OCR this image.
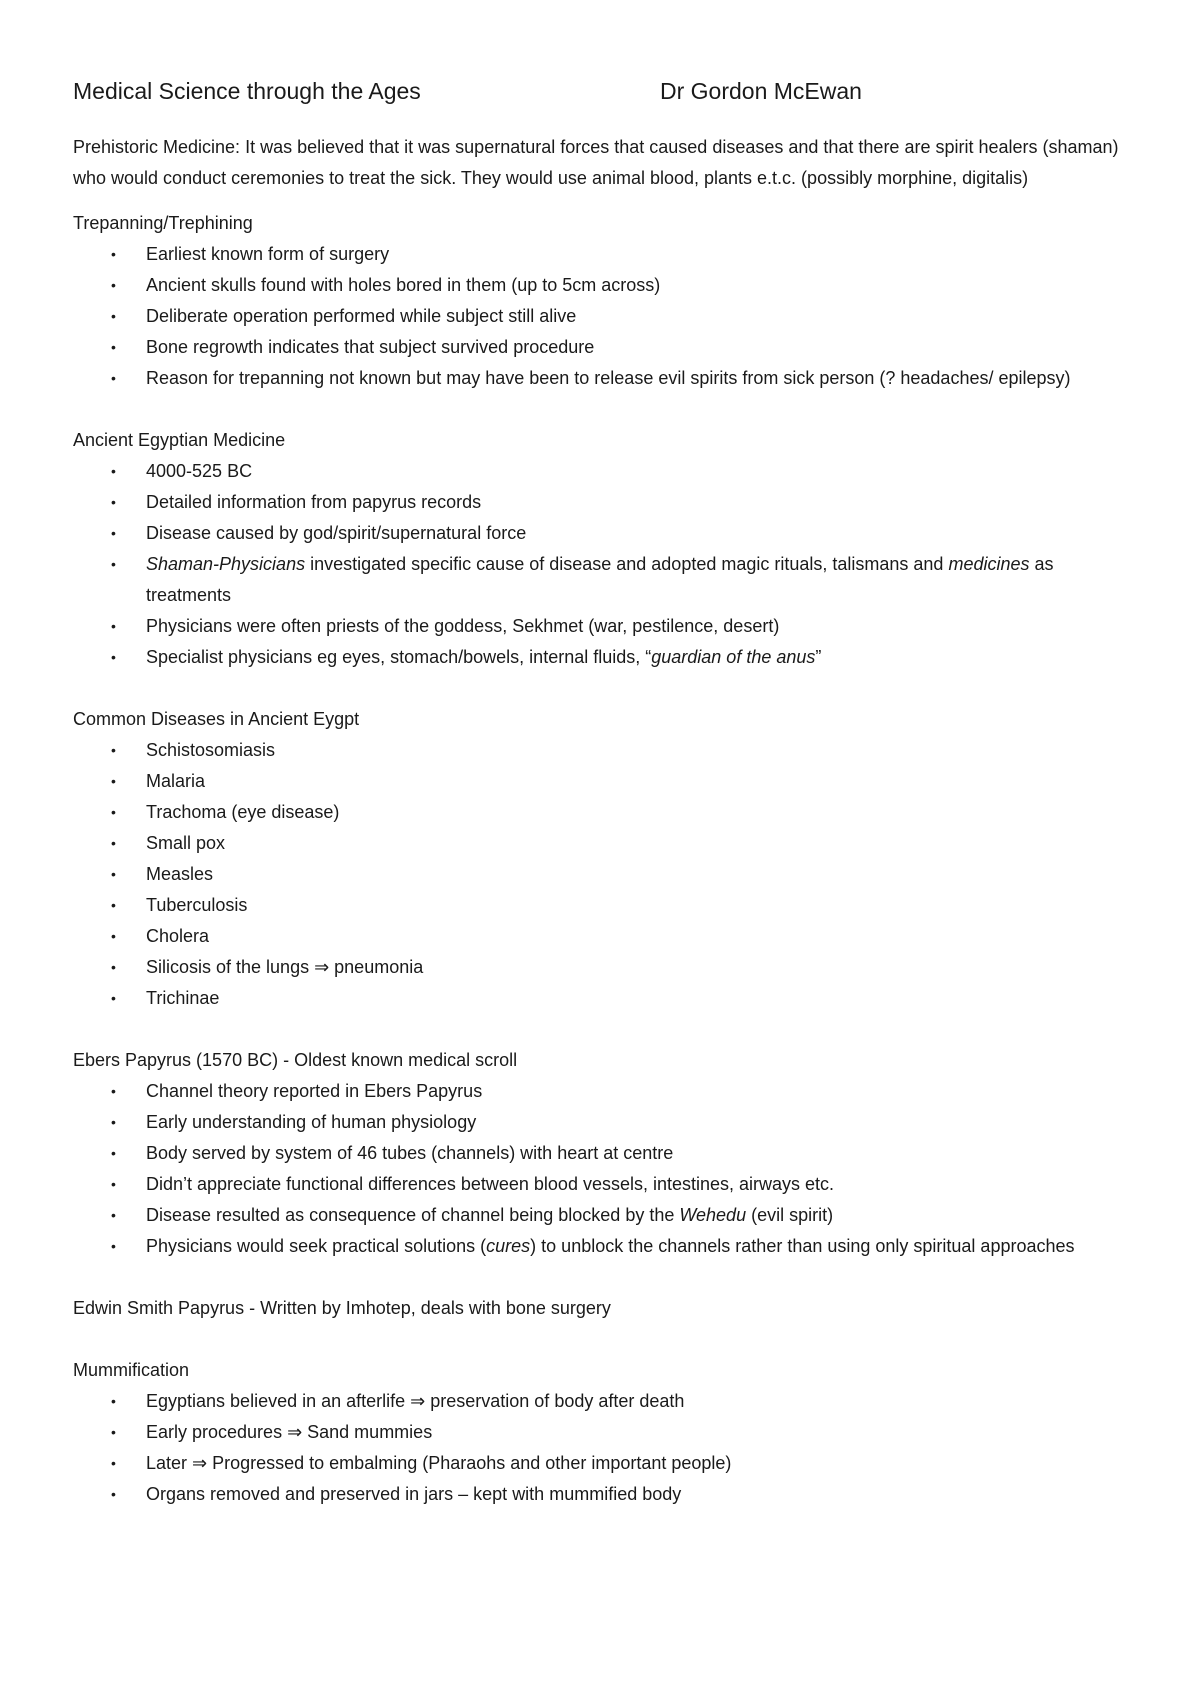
Medical Science through the Ages	Dr Gordon McEwan

Prehistoric Medicine: It was believed that it was supernatural forces that caused diseases and that there are spirit healers (shaman) who would conduct ceremonies to treat the sick. They would use animal blood, plants e.t.c. (possibly morphine, digitalis)

Trepanning/Trephining

• Earliest known form of surgery
• Ancient skulls found with holes bored in them (up to 5cm across)
• Deliberate operation performed while subject still alive
• Bone regrowth indicates that subject survived procedure
• Reason for trepanning not known but may have been to release evil spirits from sick person (? headaches/ epilepsy)

Ancient Egyptian Medicine

• 4000-525 BC
• Detailed information from papyrus records
• Disease caused by god/spirit/supernatural force
• Shaman-Physicians investigated specific cause of disease and adopted magic rituals, talismans and medicines as treatments
• Physicians were often priests of the goddess, Sekhmet (war, pestilence, desert)
• Specialist physicians eg eyes, stomach/bowels, internal fluids, “guardian of the anus”

Common Diseases in Ancient Eygpt

• Schistosomiasis
• Malaria
• Trachoma (eye disease)
• Small pox
• Measles
• Tuberculosis
• Cholera
• Silicosis of the lungs ⇒ pneumonia
• Trichinae

Ebers Papyrus (1570 BC) - Oldest known medical scroll

• Channel theory reported in Ebers Papyrus
• Early understanding of human physiology
• Body served by system of 46 tubes (channels) with heart at centre
• Didn’t appreciate functional differences between blood vessels, intestines, airways etc.
• Disease resulted as consequence of channel being blocked by the Wehedu (evil spirit)
• Physicians would seek practical solutions (cures) to unblock the channels rather than using only spiritual approaches

Edwin Smith Papyrus - Written by Imhotep, deals with bone surgery

Mummification

• Egyptians believed in an afterlife ⇒ preservation of body after death
• Early procedures ⇒ Sand mummies
• Later ⇒ Progressed to embalming (Pharaohs and other important people)
• Organs removed and preserved in jars – kept with mummified body
